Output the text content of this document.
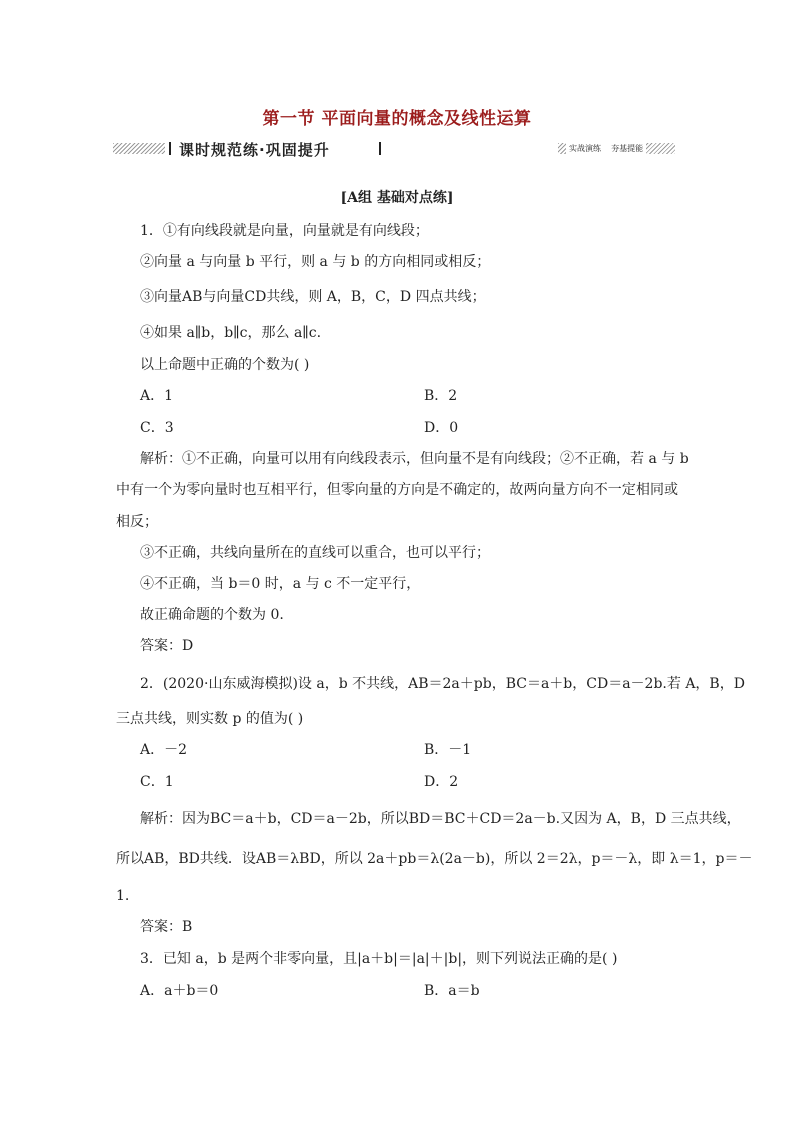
第一节 平面向量的概念及线性运算
课时规范练·巩固提升	实战演练    夯基提能
[A组 基础对点练]
1．①有向线段就是向量，向量就是有向线段；
②向量 a 与向量 b 平行，则 a 与 b 的方向相同或相反；
③向量AB与向量CD共线，则 A，B，C，D 四点共线；
④如果 a∥b，b∥c，那么 a∥c.
以上命题中正确的个数为( )
A．1	B．2
C．3	D．0
解析：①不正确，向量可以用有向线段表示，但向量不是有向线段；②不正确，若 a 与 b
中有一个为零向量时也互相平行，但零向量的方向是不确定的，故两向量方向不一定相同或
相反；
③不正确，共线向量所在的直线可以重合，也可以平行；
④不正确，当 b＝0 时，a 与 c 不一定平行，
故正确命题的个数为 0.
答案：D
2．(2020·山东威海模拟)设 a，b 不共线，AB＝2a＋pb，BC＝a＋b，CD＝a－2b.若 A，B，D
三点共线，则实数 p 的值为( )
A．－2	B．－1
C．1	D．2
解析：因为BC＝a＋b，CD＝a－2b，所以BD＝BC＋CD＝2a－b.又因为 A，B，D 三点共线，
所以AB，BD共线．设AB＝λBD，所以 2a＋pb＝λ(2a－b)，所以 2＝2λ，p＝－λ，即 λ＝1，p＝－
1.
答案：B
3．已知 a，b 是两个非零向量，且|a＋b|＝|a|＋|b|，则下列说法正确的是( )
A．a＋b＝0	B．a＝b
